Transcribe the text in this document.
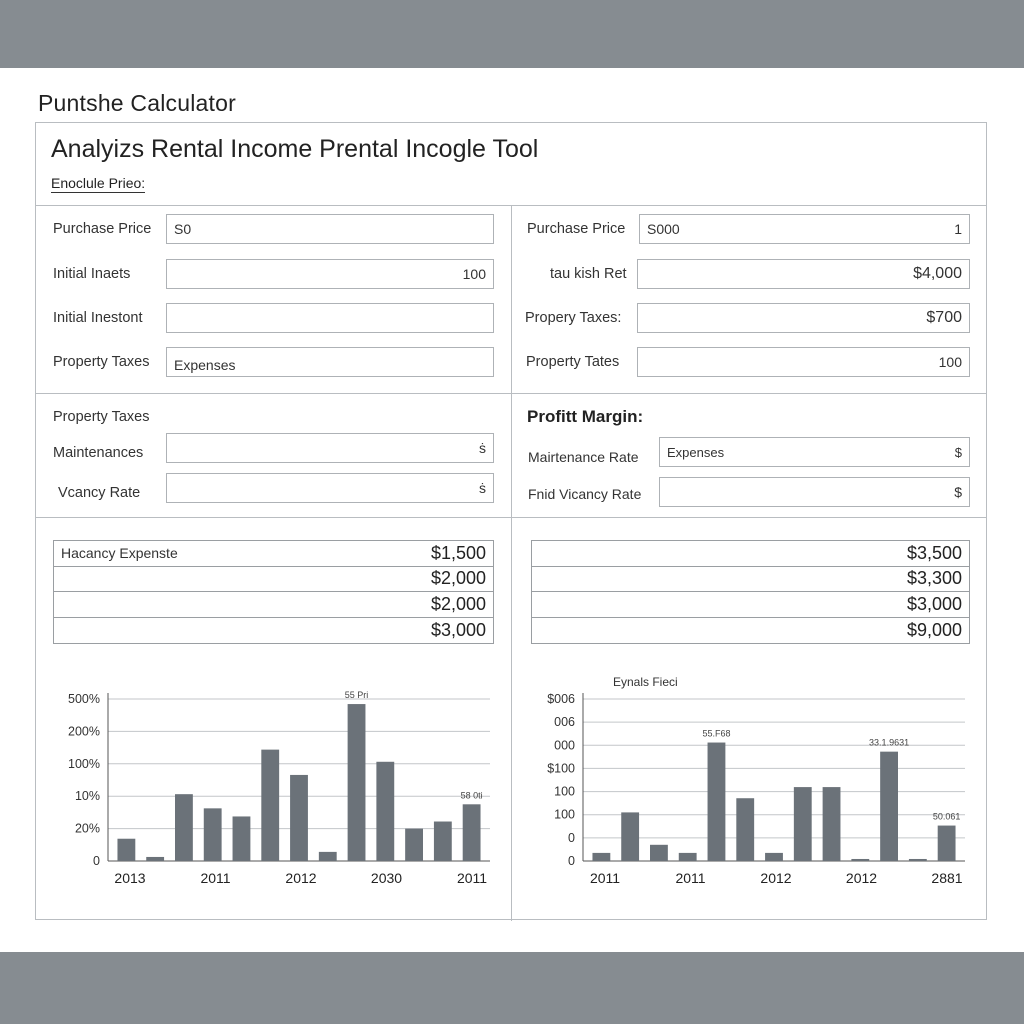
Puntshe Calculator
Analyizs Rental Income Prental Incogle Tool
Enoclule Prieo:
Purchase Price S0
Initial Inaets	100
Initial Inestont
Property Taxes Expenses
Purchase Price S000	1
tau kish Ret	$4,000
Propery Taxes:	$700
Property Tates	100
Property Taxes
Maintenances	ṡ
Vcancy Rate	ṡ
Profitt Margin:
Mairtenance Rate Expenses	$
Fnid Vicancy Rate	$
Hacancy Expenste	$1,500
$2,000
$2,000
$3,000
$3,500
$3,300
$3,000
$9,000
0
20%
10%
100%
200%
500%	55 Pri
58 0ti
2013	2011	2012	2030	2011
Eynals Fieci
0
0
100
100
$100
000
006
$006
55.F68
33.1.9631
50.061
2011	2011	2012	2012	2881
